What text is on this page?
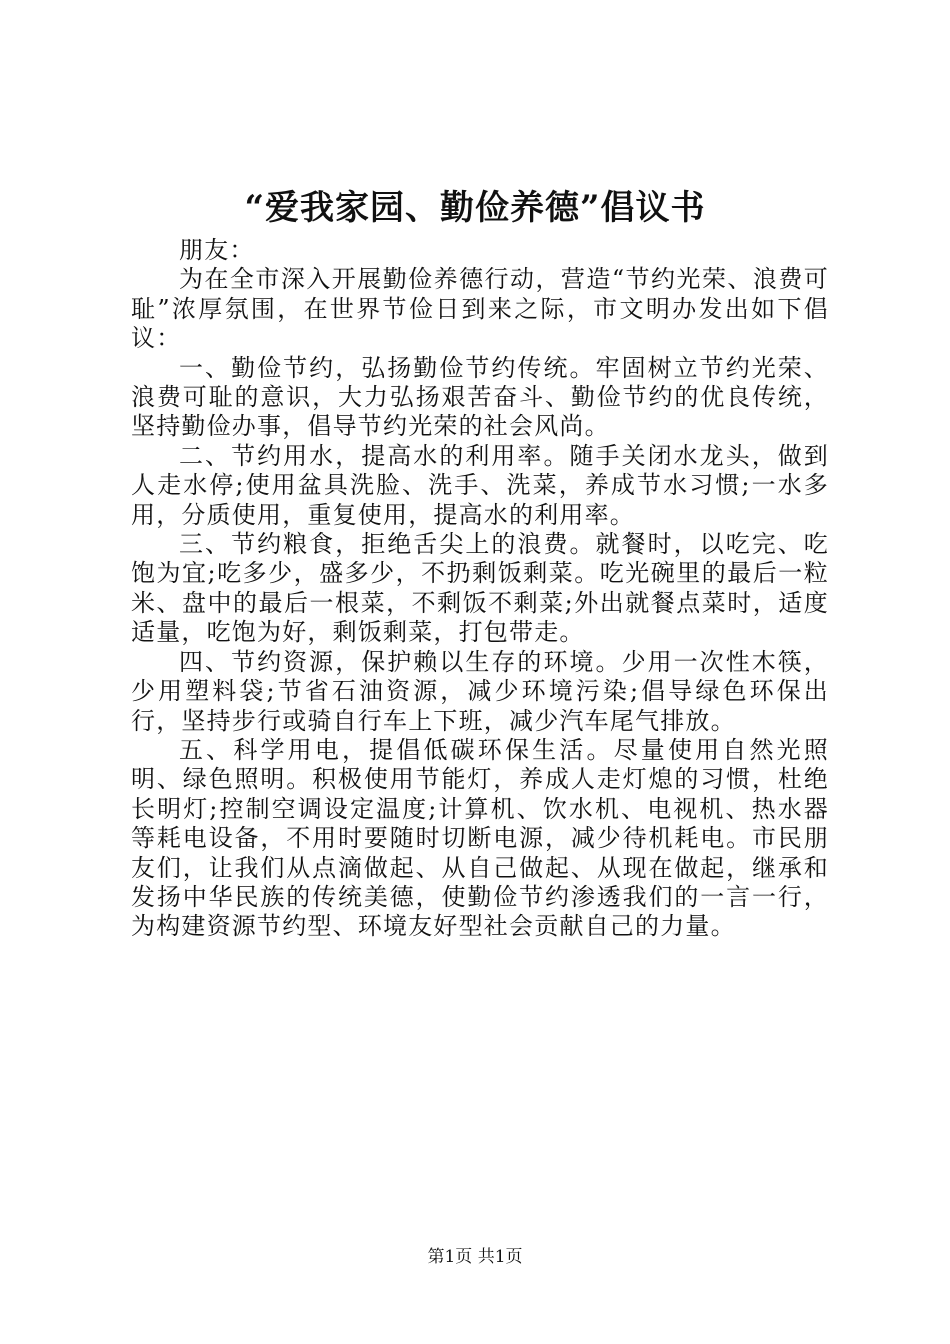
“爱我家园、勤俭养德”倡议书

朋友：

为在全市深入开展勤俭养德行动，营造“节约光荣、浪费可耻”浓厚氛围，在世界节俭日到来之际，市文明办发出如下倡议：

一、勤俭节约，弘扬勤俭节约传统。牢固树立节约光荣、浪费可耻的意识，大力弘扬艰苦奋斗、勤俭节约的优良传统，坚持勤俭办事，倡导节约光荣的社会风尚。

二、节约用水，提高水的利用率。随手关闭水龙头，做到人走水停;使用盆具洗脸、洗手、洗菜，养成节水习惯;一水多用，分质使用，重复使用，提高水的利用率。

三、节约粮食，拒绝舌尖上的浪费。就餐时，以吃完、吃饱为宜;吃多少，盛多少，不扔剩饭剩菜。吃光碗里的最后一粒米、盘中的最后一根菜，不剩饭不剩菜;外出就餐点菜时，适度适量，吃饱为好，剩饭剩菜，打包带走。

四、节约资源，保护赖以生存的环境。少用一次性木筷，少用塑料袋;节省石油资源，减少环境污染;倡导绿色环保出行，坚持步行或骑自行车上下班，减少汽车尾气排放。

五、科学用电，提倡低碳环保生活。尽量使用自然光照明、绿色照明。积极使用节能灯，养成人走灯熄的习惯，杜绝长明灯;控制空调设定温度;计算机、饮水机、电视机、热水器等耗电设备，不用时要随时切断电源，减少待机耗电。市民朋友们，让我们从点滴做起、从自己做起、从现在做起，继承和发扬中华民族的传统美德，使勤俭节约渗透我们的一言一行，为构建资源节约型、环境友好型社会贡献自己的力量。

第1页 共1页
